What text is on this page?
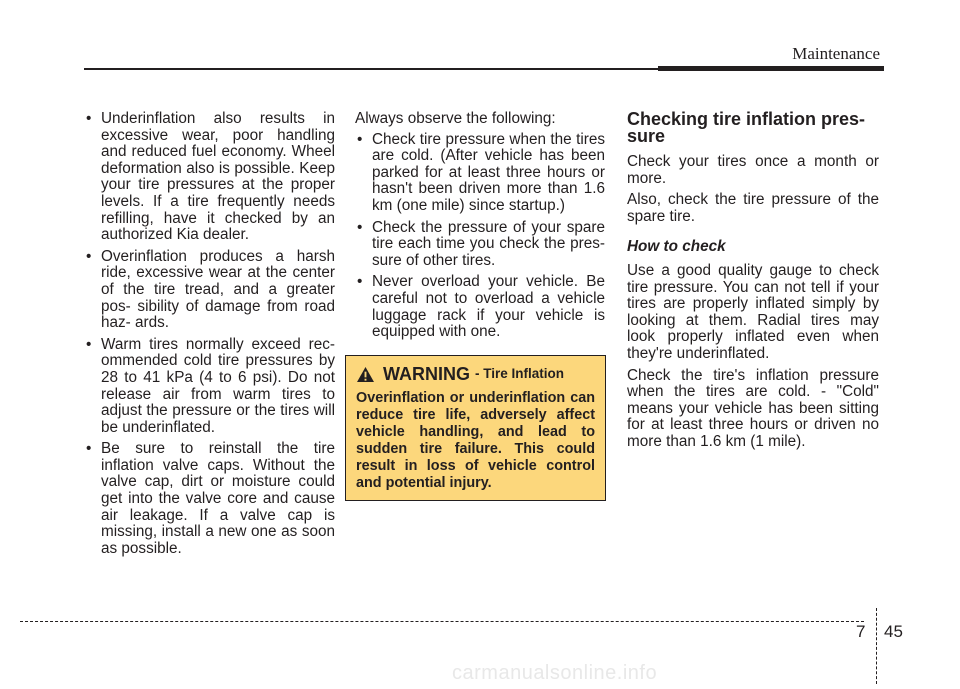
Maintenance
• Underinflation also results in excessive wear, poor handling and reduced fuel economy. Wheel deformation also is possible. Keep your tire pressures at the proper levels. If a tire frequently needs refilling, have it checked by an authorized Kia dealer.
• Overinflation produces a harsh ride, excessive wear at the center of the tire tread, and a greater pos- sibility of damage from road haz- ards.
• Warm tires normally exceed rec- ommended cold tire pressures by 28 to 41 kPa (4 to 6 psi). Do not release air from warm tires to adjust the pressure or the tires will be underinflated.
• Be sure to reinstall the tire inflation valve caps. Without the valve cap, dirt or moisture could get into the valve core and cause air leakage. If a valve cap is missing, install a new one as soon as possible.

Always observe the following:

• Check tire pressure when the tires are cold. (After vehicle has been parked for at least three hours or hasn't been driven more than 1.6 km (one mile) since startup.)
• Check the pressure of your spare tire each time you check the pres- sure of other tires.
• Never overload your vehicle. Be careful not to overload a vehicle luggage rack if your vehicle is equipped with one.
WARNING - Tire Inflation
Overinflation or underinflation can reduce tire life, adversely affect vehicle handling, and lead to sudden tire failure. This could result in loss of vehicle control and potential injury.
Checking tire inflation pres- sure

Check your tires once a month or more.

Also, check the tire pressure of the spare tire.

How to check

Use a good quality gauge to check tire pressure. You can not tell if your tires are properly inflated simply by looking at them. Radial tires may look properly inflated even when they're underinflated.

Check the tire's inflation pressure when the tires are cold. - "Cold" means your vehicle has been sitting for at least three hours or driven no more than 1.6 km (1 mile).

7 45
carmanualsonline.info
